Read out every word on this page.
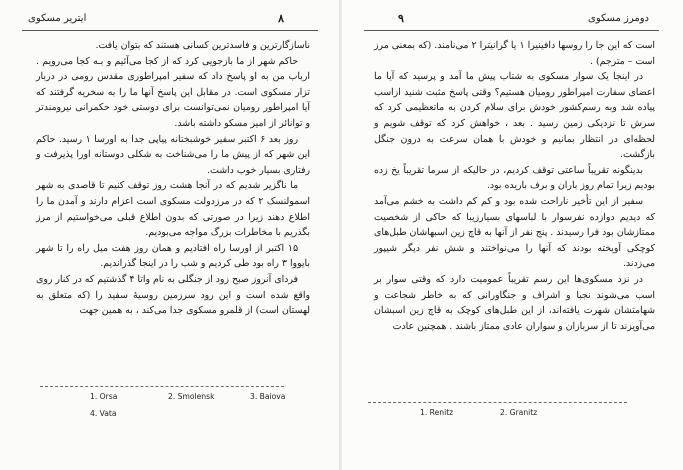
٨
ایتریر مسکوی

ناسازگارترین و فاسدترین کسانی هستند که بتوان یافت.

حاکم شهر از ما بازجویی کرد که از کجا می‌آئیم و بـه کجا می‌رویم . ارباب من به او پاسخ داد که سفیر امپراطوری مقدس رومی در دربار تزار مسکوی است. در مقابل این پاسخ آنها ما را به سخریه گرفتند که آیا امپراطور رومیان نمی‌توانست برای دوستی خود حکمرانی نیرومندتر و توانائر از امیر مسکو داشته باشد.

روز بعد ۶ اکتبر سفیر خوشبختانه پیاپی جدا به اورسا ۱ رسید. حاکم این شهر که از پیش ما را می‌شناخت به شکلی دوستانه اورا پذیرفت و رفتاری بسیار خوب داشت.

ما ناگزیر شدیم که در آنجا هشت روز توقف کنیم تا قاصدی به شهر اسمولنسک ۲ که در مرزدولت مسکوی است اعزام دارند و آمدن ما را اطلاع دهند زیرا در صورتی که بدون اطلاع قبلی می‌خواستیم از مرز بگذریم با مخاطرات بزرگ مواجه می‌بودیم.

۱۵ اکتبر از اورسا راه افتادیم و همان روز هفت میل راه را تا شهر بایووا ۳ راه بود طی کردیم و شب را در اینجا گذراندیم.

فردای آنروز صبح زود از جنگلی به نام واتا ۴ گذشتیم که در کنار روی واقع شده است و این رود سرزمین روسیهٔ سفید را (که متعلق به لهستان است) از قلمرو مسکوی جدا می‌کند ، به همین جهت

1. Orsa	2. Smolensk	3. Baiova
4. Vata
٩	دومرز مسکوی

است که این جا را روسها دافینیرا ۱ یا گرانیترا ۲ می‌نامند. (که بمعنی مرز است – مترجم) .

در اینجا یک سوار مسکوی به شتاب پیش ما آمد و پرسید که آیا ما اعضای سفارت امپراطور رومیان هستیم؟ وقتی پاسخ مثبت شنید ازاسب پیاده شد وبه رسم‌کشور خودش برای سلام کردن به ماتعظیمی کرد که سرش تا نزدیکی زمین رسید . بعد ، خواهش کرد که توقف شویم و لحظه‌ای در انتظار بمانیم و خودش با همان سرعت به درون جنگل بازگشت.

بدینگونه تقریباً ساعتی توقف کردیم، در حالیکه از سرما تقریباً یخ زده بودیم زیرا تمام روز باران و برف باریده بود.

سفیر از این تأخیر ناراحت شده بود و کم کم داشت به خشم می‌آمد که دیدیم دوازده نفرسوار با لباسهای بسیارزیبا که حاکی از شخصیت ممتازشان بود فرا رسیدند . پنج نفر از آنها به قاچ زین اسبهاشان طبل‌های کوچکی آویخته بودند که آنها را می‌نواختند و شش نفر دیگر شیپور می‌زدند.

در نزد مسکوی‌ها این رسم تقریباً عمومیت دارد که وقتی سوار بر اسب می‌شوند نجبا و اشراف و جنگاورانی که به خاطر شجاعت و شهامتشان شهرت یافته‌اند، از این طبل‌های کوچک به قاچ زین اسبشان می‌آویزند تا از سربازان و سواران عادی ممتاز باشند . همچنین عادت

1. Renitz	2. Granitz
